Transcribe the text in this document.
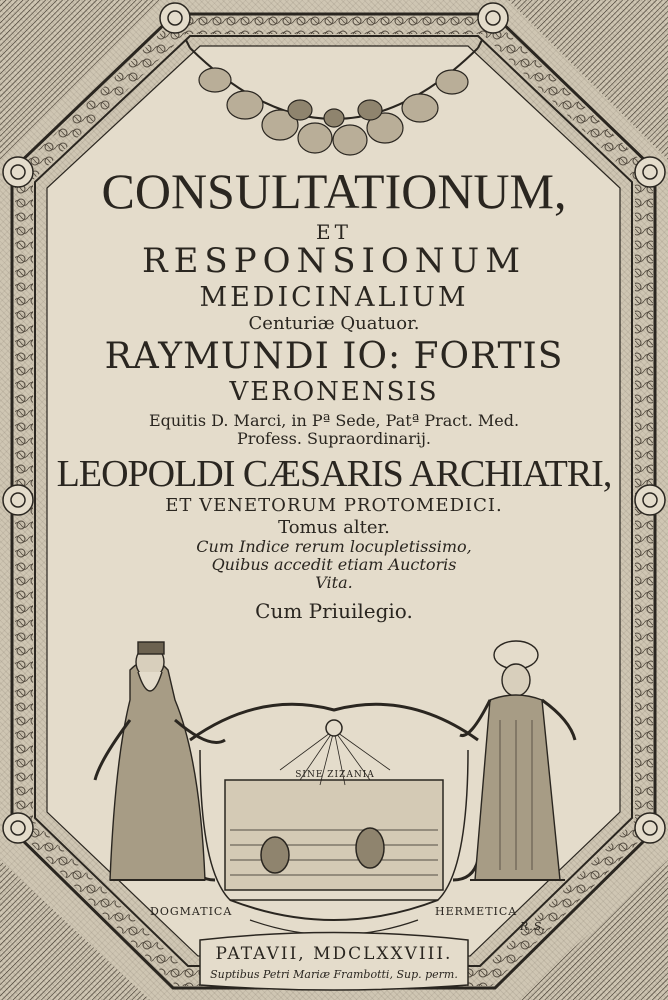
CONSULTATIONUM,
ET
RESPONSIONUM
MEDICINALIUM
Centuriæ Quatuor.
RAYMUNDI IO: FORTIS
VERONENSIS
Equitis D. Marci, in Pª Sede, Patª Pract. Med.
Profess. Supraordinarij.
LEOPOLDI CÆSARIS ARCHIATRI,
ET VENETORUM PROTOMEDICI.
Tomus alter.
Cum Indice rerum locupletissimo,
Quibus accedit etiam Auctoris
Vita.
Cum Priuilegio.
SINE ZIZANIA
DOGMATICA	HERMETICA
R.S.
PATAVII, MDCLXXVIII.
Suptibus Petri Mariæ Frambotti, Sup. perm.
